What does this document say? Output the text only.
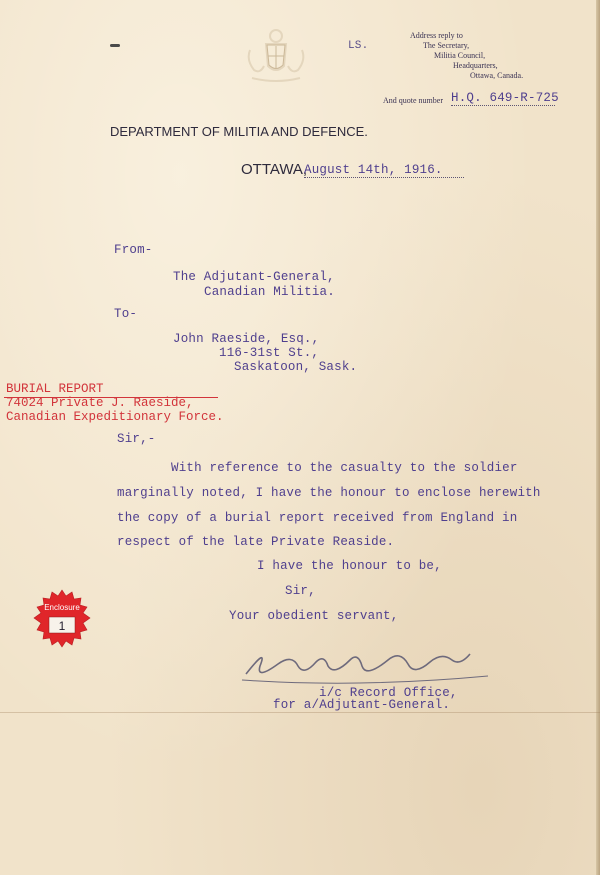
LS.
Address reply to
The Secretary,
Militia Council,
Headquarters,
Ottawa, Canada.
And quote number H.Q. 649-R-725
DEPARTMENT OF MILITIA AND DEFENCE.
OTTAWA,
August 14th, 1916.
From-
The Adjutant-General,
Canadian Militia.
To-
John Raeside, Esq.,
116-31st St.,
Saskatoon, Sask.
BURIAL REPORT
74024 Private J. Raeside,
Canadian Expeditionary Force.
Sir,-
With reference to the casualty to the soldier
marginally noted, I have the honour to enclose herewith
the copy of a burial report received from England in
respect of the late Private Reaside.
I have the honour to be,
Sir,
Your obedient servant,
Enclosure
1
i/c Record Office,
for a/Adjutant-General.
